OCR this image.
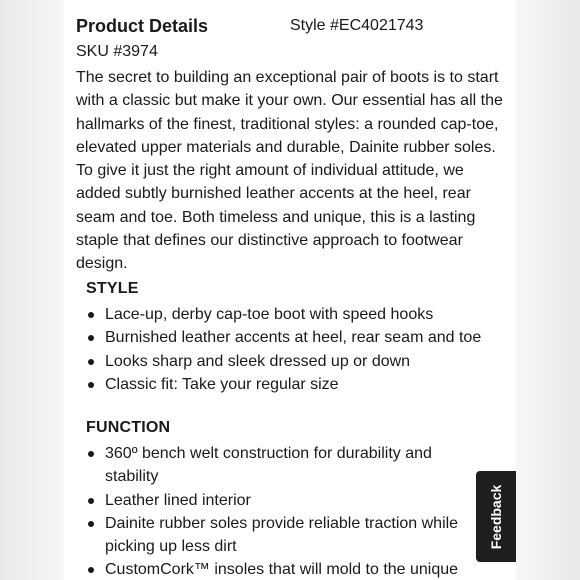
Product Details	Style #EC4021743
SKU #3974

The secret to building an exceptional pair of boots is to start with a classic but make it your own. Our essential has all the hallmarks of the finest, traditional styles: a rounded cap-toe, elevated upper materials and durable, Dainite rubber soles. To give it just the right amount of individual attitude, we added subtly burnished leather accents at the heel, rear seam and toe. Both timeless and unique, this is a lasting staple that defines our distinctive approach to footwear design.

STYLE
Lace-up, derby cap-toe boot with speed hooks
Burnished leather accents at heel, rear seam and toe
Looks sharp and sleek dressed up or down
Classic fit: Take your regular size
FUNCTION
360º bench welt construction for durability and
stability
Leather lined interior
Dainite rubber soles provide reliable traction while
picking up less dirt
CustomCork™ insoles that will mold to the unique
Feedback
